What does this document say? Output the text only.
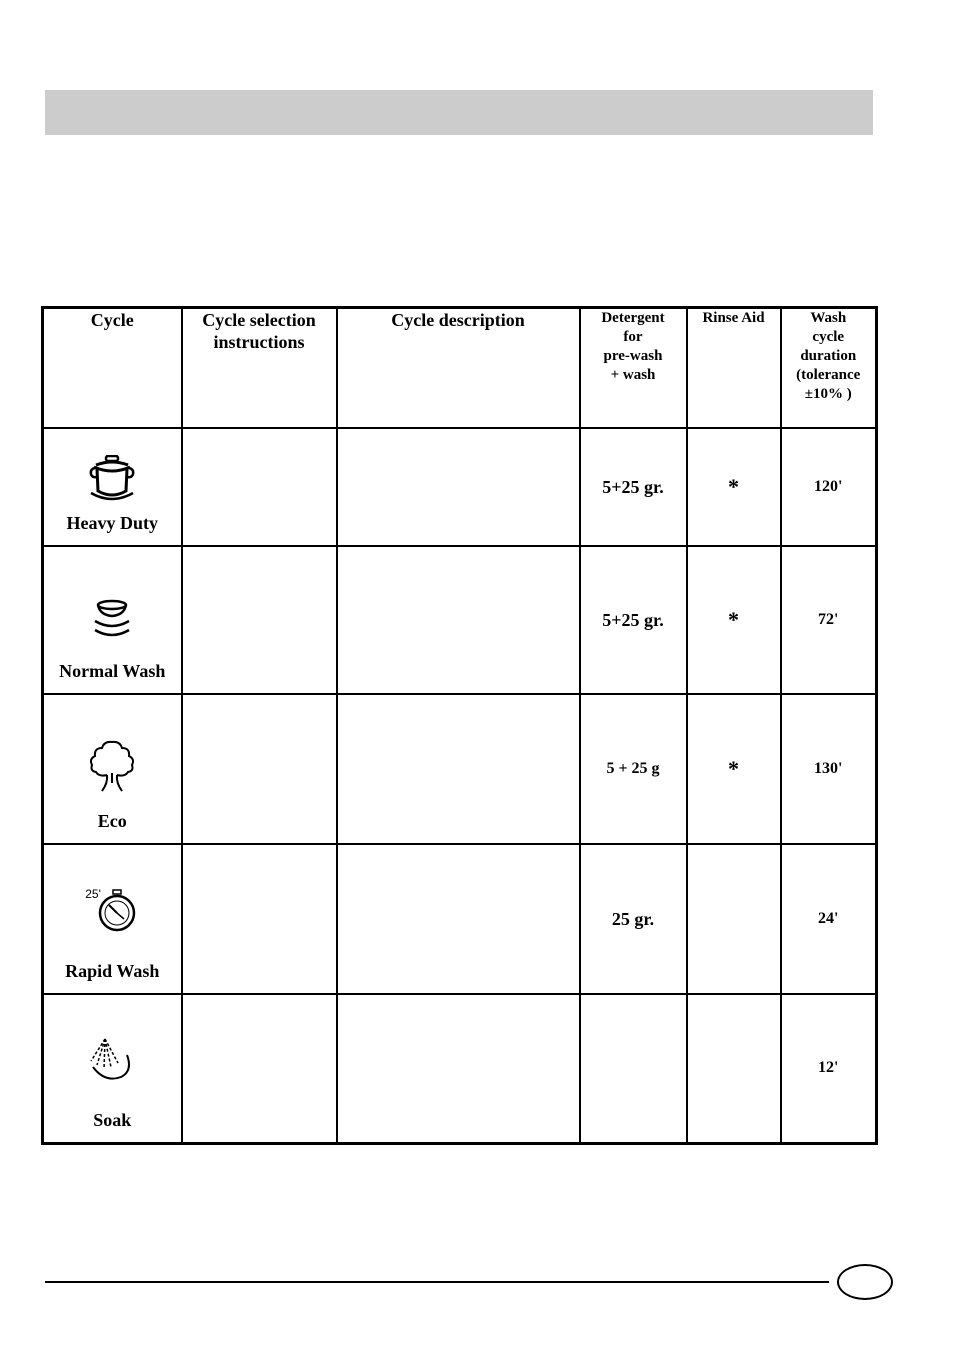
Cycle	Cycle selection instructions	Cycle description	Detergent
for
pre-wash
+ wash	Rinse Aid	Wash
cycle
duration
(tolerance
±10% )

Heavy Duty			5+25 gr.	*	120'

Normal Wash			5+25 gr.	*	72'

Eco			5 + 25 g	*	130'

25'
Rapid Wash			25 gr.		24'

Soak					12'
